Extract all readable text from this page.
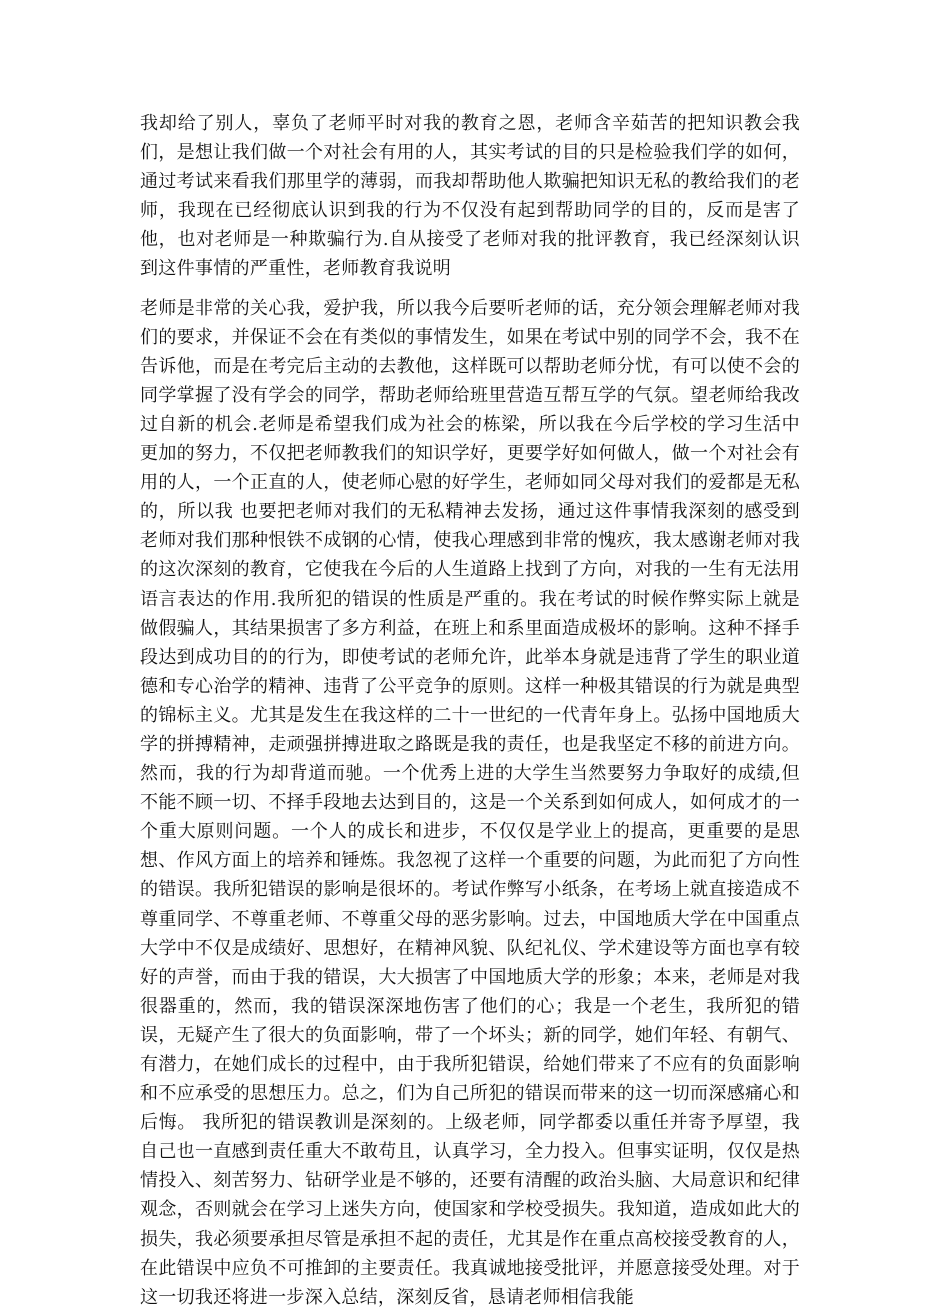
我却给了别人，辜负了老师平时对我的教育之恩，老师含辛茹苦的把知识教会我们，是想让我们做一个对社会有用的人，其实考试的目的只是检验我们学的如何，通过考试来看我们那里学的薄弱，而我却帮助他人欺骗把知识无私的教给我们的老师，我现在已经彻底认识到我的行为不仅没有起到帮助同学的目的，反而是害了他，也对老师是一种欺骗行为.自从接受了老师对我的批评教育，我已经深刻认识到这件事情的严重性，老师教育我说明

老师是非常的关心我，爱护我，所以我今后要听老师的话，充分领会理解老师对我们的要求，并保证不会在有类似的事情发生，如果在考试中别的同学不会，我不在 告诉他，而是在考完后主动的去教他，这样既可以帮助老师分忧，有可以使不会的同学掌握了没有学会的同学，帮助老师给班里营造互帮互学的气氛。望老师给我改过自新的机会.老师是希望我们成为社会的栋梁，所以我在今后学校的学习生活中更加的努力，不仅把老师教我们的知识学好，更要学好如何做人，做一个对社会有用的人，一个正直的人，使老师心慰的好学生，老师如同父母对我们的爱都是无私的，所以我 也要把老师对我们的无私精神去发扬，通过这件事情我深刻的感受到老师对我们那种恨铁不成钢的心情，使我心理感到非常的愧疚，我太感谢老师对我的这次深刻的教育，它使我在今后的人生道路上找到了方向，对我的一生有无法用语言表达的作用.我所犯的错误的性质是严重的。我在考试的时候作弊实际上就是做假骗人，其结果损害了多方利益，在班上和系里面造成极坏的影响。这种不择手段达到成功目的的行为，即使考试的老师允许，此举本身就是违背了学生的职业道德和专心治学的精神、违背了公平竞争的原则。这样一种极其错误的行为就是典型的锦标主义。尤其是发生在我这样的二十一世纪的一代青年身上。弘扬中国地质大学的拼搏精神，走顽强拼搏进取之路既是我的责任，也是我坚定不移的前进方向。然而，我的行为却背道而驰。一个优秀上进的大学生当然要努力争取好的成绩,但不能不顾一切、不择手段地去达到目的，这是一个关系到如何成人，如何成才的一个重大原则问题。一个人的成长和进步，不仅仅是学业上的提高，更重要的是思想、作风方面上的培养和锤炼。我忽视了这样一个重要的问题，为此而犯了方向性的错误。我所犯错误的影响是很坏的。考试作弊写小纸条，在考场上就直接造成不尊重同学、不尊重老师、不尊重父母的恶劣影响。过去，中国地质大学在中国重点大学中不仅是成绩好、思想好，在精神风貌、队纪礼仪、学术建设等方面也享有较好的声誉，而由于我的错误，大大损害了中国地质大学的形象；本来，老师是对我很器重的，然而，我的错误深深地伤害了他们的心；我是一个老生，我所犯的错误，无疑产生了很大的负面影响，带了一个坏头；新的同学，她们年轻、有朝气、有潜力，在她们成长的过程中，由于我所犯错误，给她们带来了不应有的负面影响和不应承受的思想压力。总之，们为自己所犯的错误而带来的这一切而深感痛心和后悔。 我所犯的错误教训是深刻的。上级老师，同学都委以重任并寄予厚望，我自己也一直感到责任重大不敢苟且，认真学习，全力投入。但事实证明，仅仅是热情投入、刻苦努力、钻研学业是不够的，还要有清醒的政治头脑、大局意识和纪律观念，否则就会在学习上迷失方向，使国家和学校受损失。我知道，造成如此大的损失，我必须要承担尽管是承担不起的责任，尤其是作在重点高校接受教育的人，在此错误中应负不可推卸的主要责任。我真诚地接受批评，并愿意接受处理。对于这一切我还将进一步深入总结，深刻反省，恳请老师相信我能
